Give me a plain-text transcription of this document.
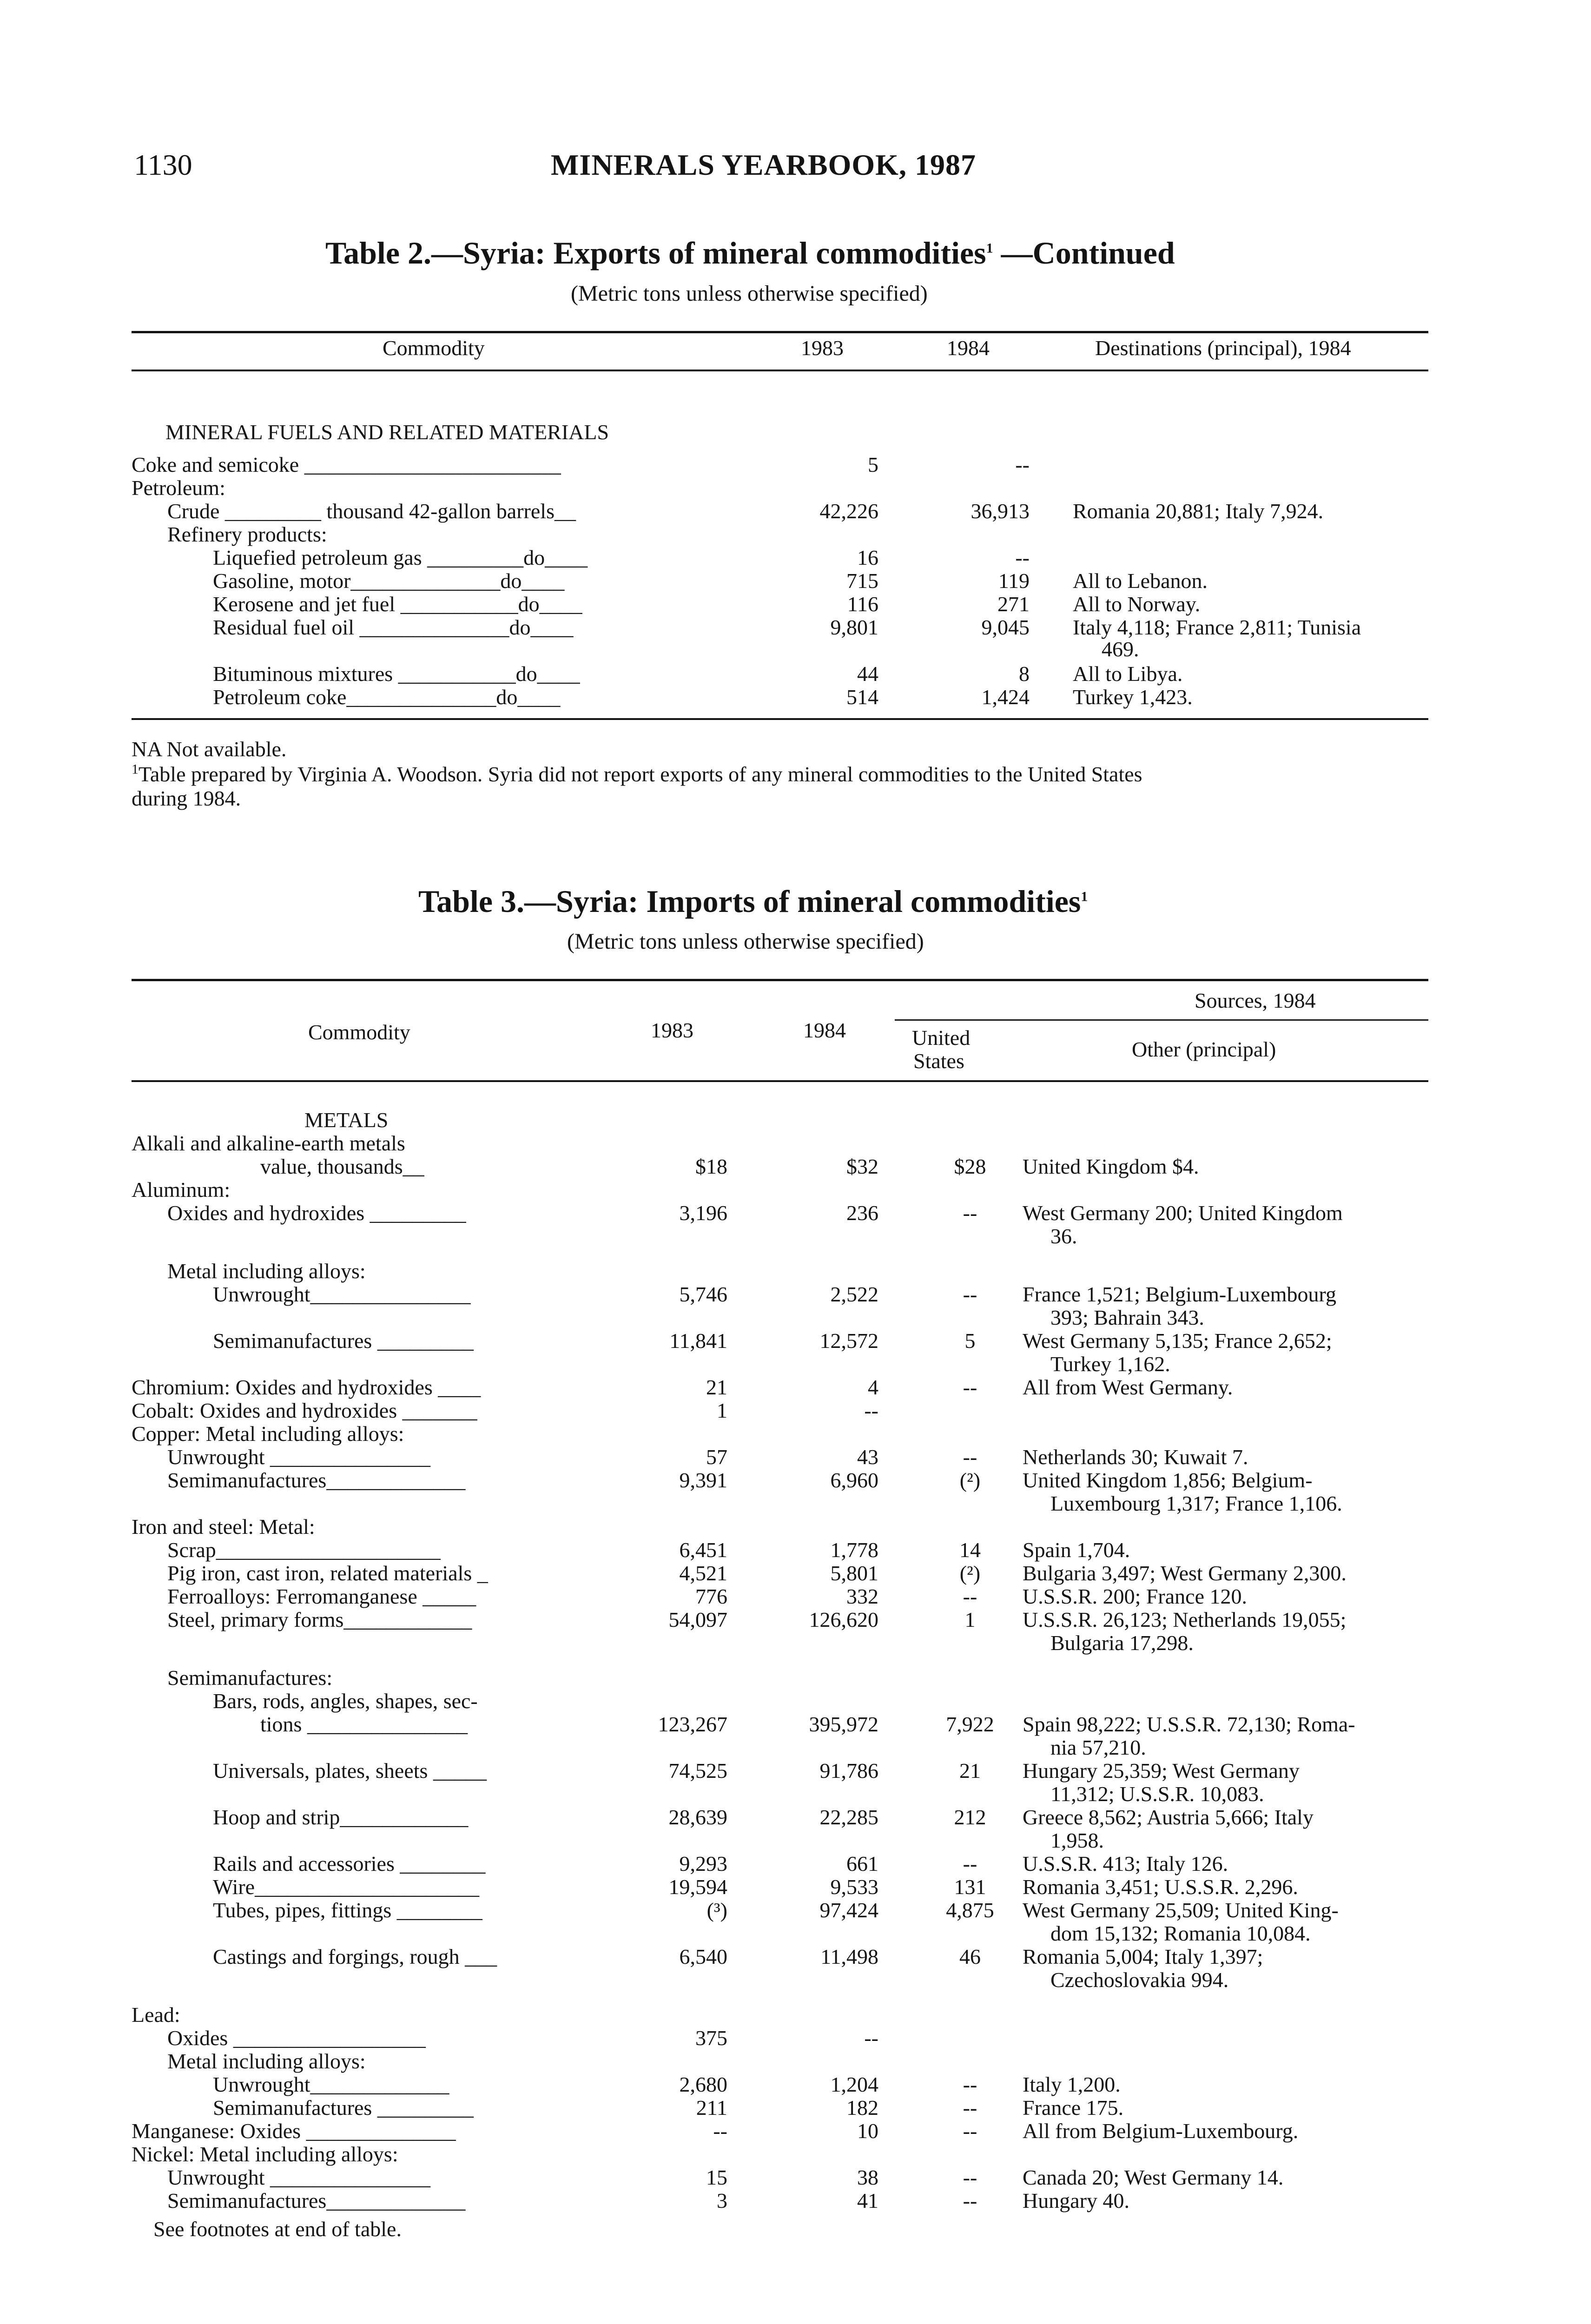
1130	MINERALS YEARBOOK, 1987
Table 2.—Syria: Exports of mineral commodities$^1$ —Continued
(Metric tons unless otherwise specified)
Commodity	1983	1984	Destinations (principal), 1984
MINERAL FUELS AND RELATED MATERIALS
Coke and semicoke ________________________	5	--
Petroleum:
Crude _________ thousand 42-gallon barrels__	42,226	36,913 Romania 20,881; Italy 7,924.
Refinery products:
Liquefied petroleum gas _________do____	16	--
Gasoline, motor______________do____	715	119 All to Lebanon.
Kerosene and jet fuel ___________do____	116	271 All to Norway.
Residual fuel oil ______________do____	9,801	9,045 Italy 4,118; France 2,811; Tunisia
469.
Bituminous mixtures ___________do____	44	8 All to Libya.
Petroleum coke______________do____	514	1,424 Turkey 1,423.
NA Not available.
$^1$Table prepared by Virginia A. Woodson. Syria did not report exports of any mineral commodities to the United States
during 1984.
Table 3.—Syria: Imports of mineral commodities$^1$
(Metric tons unless otherwise specified)
Sources, 1984
Commodity	1983	1984	United
States	Other (principal)
METALS
Alkali and alkaline-earth metals
value, thousands__	$18	$32	$28	United Kingdom $4.
Aluminum:
Oxides and hydroxides _________	3,196	236	--	West Germany 200; United Kingdom
36.
Metal including alloys:
Unwrought_______________	5,746	2,522	--	France 1,521; Belgium-Luxembourg
393; Bahrain 343.
Semimanufactures _________	11,841	12,572	5	West Germany 5,135; France 2,652;
Turkey 1,162.
Chromium: Oxides and hydroxides ____	21	4	--	All from West Germany.
Cobalt: Oxides and hydroxides _______	1	--
Copper: Metal including alloys:
Unwrought _______________	57	43	--	Netherlands 30; Kuwait 7.
Semimanufactures_____________	9,391	6,960	(²)	United Kingdom 1,856; Belgium-
Luxembourg 1,317; France 1,106.
Iron and steel: Metal:
Scrap_____________________	6,451	1,778	14	Spain 1,704.
Pig iron, cast iron, related materials _	4,521	5,801	(²)	Bulgaria 3,497; West Germany 2,300.
Ferroalloys: Ferromanganese _____	776	332	--	U.S.S.R. 200; France 120.
Steel, primary forms____________	54,097	126,620	1	U.S.S.R. 26,123; Netherlands 19,055;
Bulgaria 17,298.
Semimanufactures:
Bars, rods, angles, shapes, sec-
tions _______________	123,267	395,972	7,922	Spain 98,222; U.S.S.R. 72,130; Roma-
nia 57,210.
Universals, plates, sheets _____	74,525	91,786	21	Hungary 25,359; West Germany
11,312; U.S.S.R. 10,083.
Hoop and strip____________	28,639	22,285	212	Greece 8,562; Austria 5,666; Italy
1,958.
Rails and accessories ________	9,293	661	--	U.S.S.R. 413; Italy 126.
Wire_____________________	19,594	9,533	131	Romania 3,451; U.S.S.R. 2,296.
Tubes, pipes, fittings ________	(³)	97,424	4,875	West Germany 25,509; United King-
dom 15,132; Romania 10,084.
Castings and forgings, rough ___	6,540	11,498	46	Romania 5,004; Italy 1,397;
Czechoslovakia 994.
Lead:
Oxides __________________	375	--
Metal including alloys:
Unwrought_____________	2,680	1,204	--	Italy 1,200.
Semimanufactures _________	211	182	--	France 175.
Manganese: Oxides ______________	--	10	--	All from Belgium-Luxembourg.
Nickel: Metal including alloys:
Unwrought _______________	15	38	--	Canada 20; West Germany 14.
Semimanufactures_____________	3	41	--	Hungary 40.
See footnotes at end of table.
